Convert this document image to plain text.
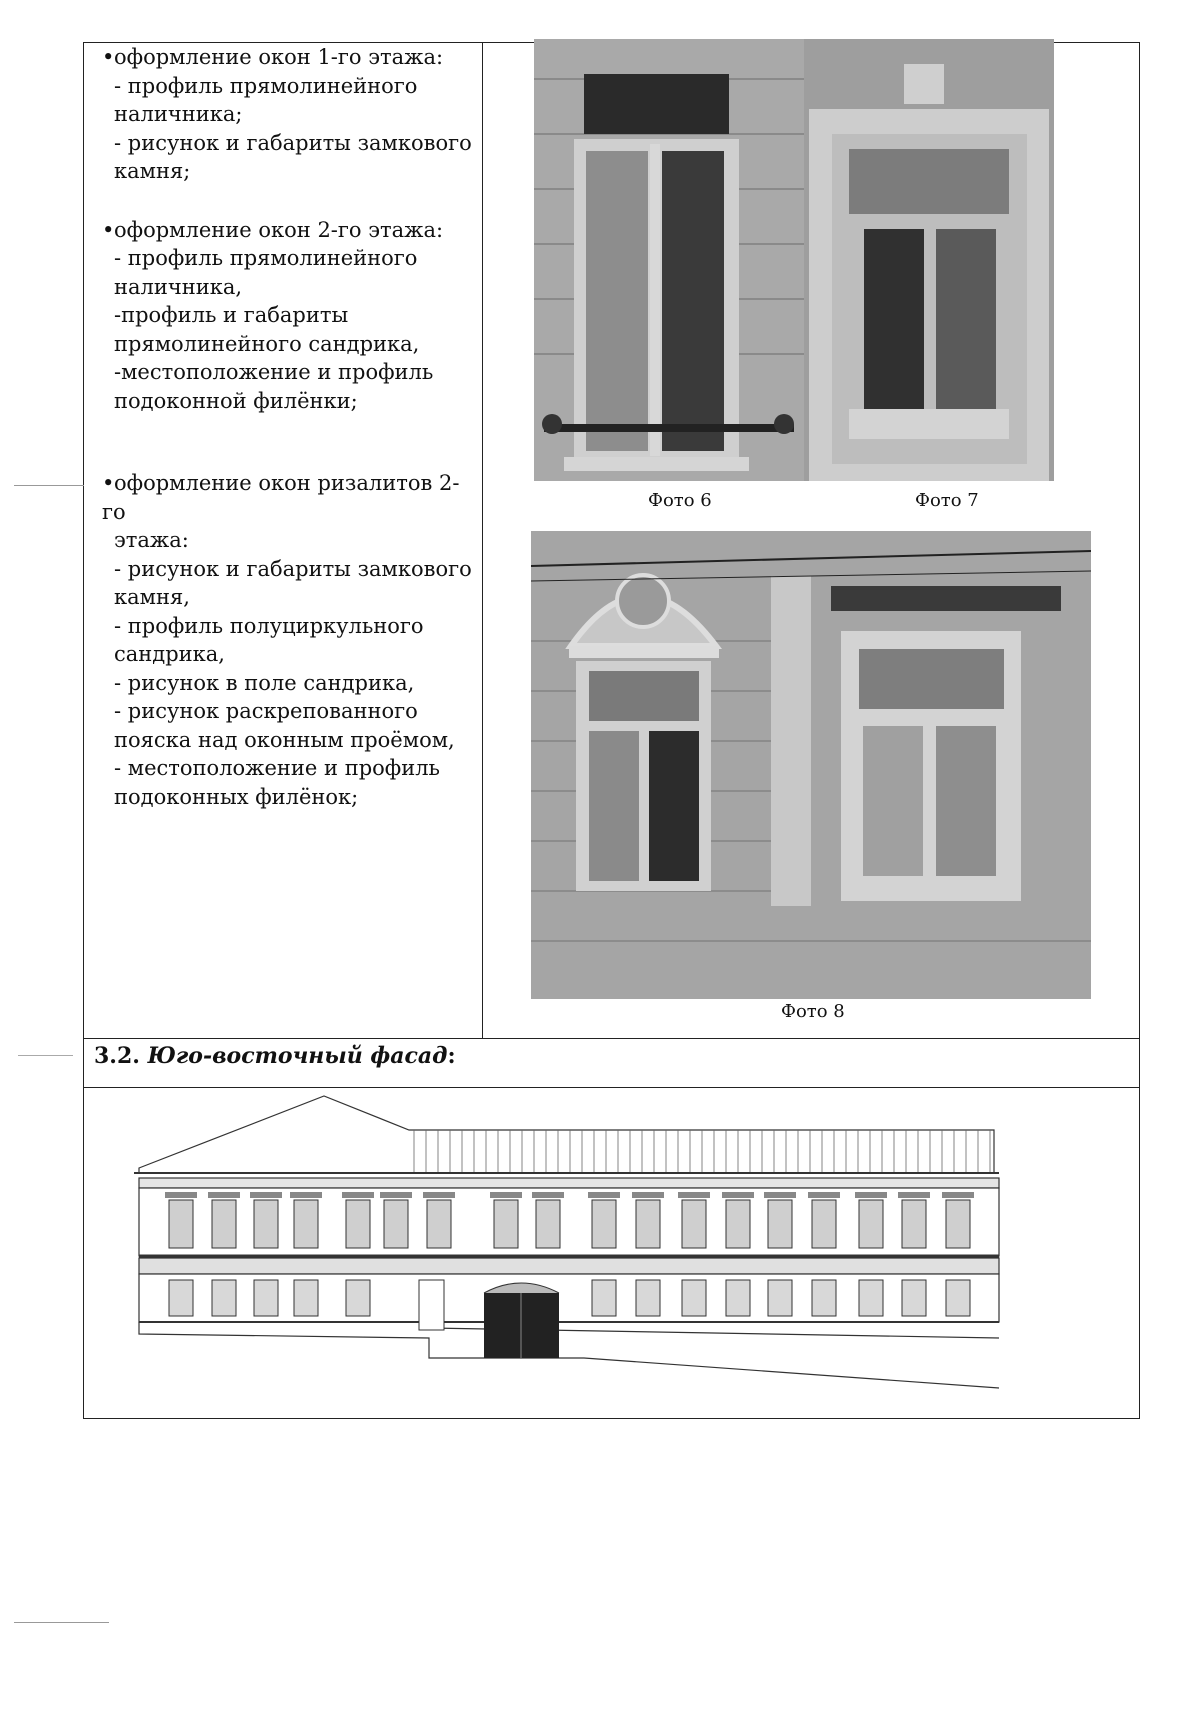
•оформление окон 1-го этажа:
- профиль прямолинейного
наличника;
- рисунок и габариты замкового
камня;
•оформление окон 2-го этажа:
- профиль прямолинейного
наличника,
-профиль и габариты
прямолинейного сандрика,
-местоположение и профиль
подоконной филёнки;
•оформление окон ризалитов 2-го
этажа:
- рисунок и габариты замкового
камня,
- профиль полуциркульного
сандрика,
- рисунок в поле сандрика,
- рисунок раскрепованного
пояска над оконным проёмом,
- местоположение и профиль
подоконных филёнок;

Фото 6	Фото 7
Фото 8

3.2. Юго-восточный фасад:
